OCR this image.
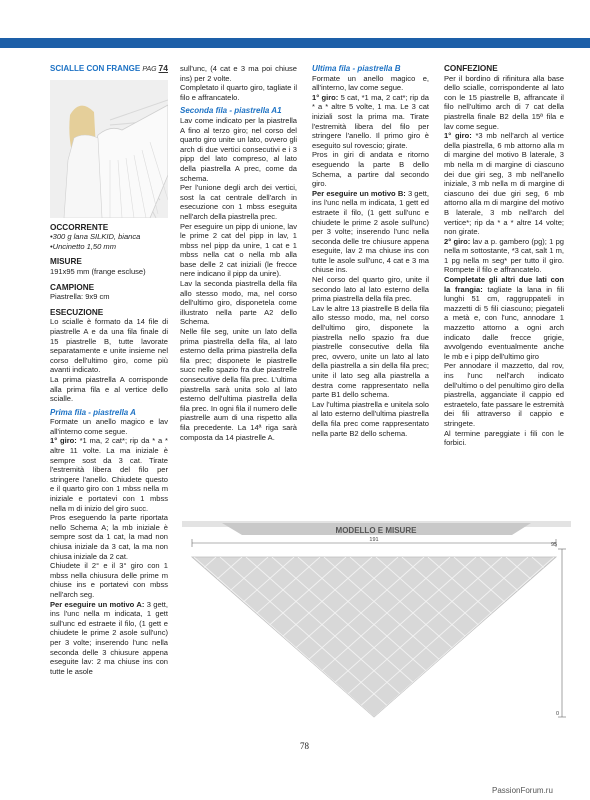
SCIALLE CON FRANGE PAG 74
OCCORRENTE
•300 g lana SILKID, bianca
•Uncinetto 1,50 mm
MISURE
191x95 mm (frange escluse)
CAMPIONE
Piastrella: 9x9 cm
ESECUZIONE

Lo scialle è formato da 14 file di piastrelle A e da una fila finale di 15 piastrelle B, tutte lavorate separatamente e unite insieme nel corso dell'ultimo giro, come più avanti indicato.

La prima piastrella A corrisponde alla prima fila e al vertice dello scialle.

Prima fila - piastrella A

Formate un anello magico e lav all'interno come segue.

1° giro: *1 ma, 2 cat*; rip da * a * altre 11 volte. La ma iniziale è sempre sost da 3 cat. Tirate l'estremità libera del filo per stringere l'anello. Chiudete questo e il quarto giro con 1 mbss nella m iniziale e portatevi con 1 mbss nella m di inizio del giro succ.

Pros eseguendo la parte riportata nello Schema A; la mb iniziale è sempre sost da 1 cat, la mad non chiusa iniziale da 3 cat, la ma non chiusa iniziale da 2 cat.

Chiudete il 2° e il 3° giro con 1 mbss nella chiusura delle prime m chiuse ins e portatevi con mbss nell'arch seg.

Per eseguire un motivo A: 3 gett, ins l'unc nella m indicata, 1 gett sull'unc ed estraete il filo, (1 gett e chiudete le prime 2 asole sull'unc) per 3 volte; inserendo l'unc nella seconda delle 3 chiusure appena eseguite lav: 2 ma chiuse ins con tutte le asole

sull'unc, (4 cat e 3 ma poi chiuse ins) per 2 volte.

Completato il quarto giro, tagliate il filo e affrancatelo.

Seconda fila - piastrella A1

Lav come indicato per la piastrella A fino al terzo giro; nel corso del quarto giro unite un lato, ovvero gli arch di due vertici consecutivi e i 3 pipp del lato compreso, al lato della piastrella A prec, come da schema.

Per l'unione degli arch dei vertici, sost la cat centrale dell'arch in esecuzione con 1 mbss eseguita nell'arch della piastrella prec.

Per eseguire un pipp di unione, lav le prime 2 cat del pipp in lav, 1 mbss nel pipp da unire, 1 cat e 1 mbss nella cat o nella mb alla base delle 2 cat iniziali (le frecce nere indicano il pipp da unire).

Lav la seconda piastrella della fila allo stesso modo, ma, nel corso dell'ultimo giro, disponetela come illustrato nella parte A2 dello Schema.

Nelle file seg, unite un lato della prima piastrella della fila, al lato esterno della prima piastrella della fila prec; disponete le piastrelle succ nello spazio fra due piastrelle consecutive della fila prec. L'ultima piastrella sarà unita solo al lato esterno dell'ultima piastrella della fila prec. In ogni fila il numero delle piastrelle aum di una rispetto alla fila precedente. La 14ª riga sarà composta da 14 piastrelle A.

Ultima fila - piastrella B

Formate un anello magico e, all'interno, lav come segue.

1° giro: 5 cat, *1 ma, 2 cat*; rip da * a * altre 5 volte, 1 ma. Le 3 cat iniziali sost la prima ma. Tirate l'estremità libera del filo per stringere l'anello. Il primo giro è eseguito sul rovescio; girate.

Pros in giri di andata e ritorno eseguendo la parte B dello Schema, a partire dal secondo giro.

Per eseguire un motivo B: 3 gett, ins l'unc nella m indicata, 1 gett ed estraete il filo, (1 gett sull'unc e chiudete le prime 2 asole sull'unc) per 3 volte; inserendo l'unc nella seconda delle tre chiusure appena eseguite, lav 2 ma chiuse ins con tutte le asole sull'unc, 4 cat e 3 ma chiuse ins.

Nel corso del quarto giro, unite il secondo lato al lato esterno della prima piastrella della fila prec.

Lav le altre 13 piastrelle B della fila allo stesso modo, ma, nel corso dell'ultimo giro, disponete la piastrella nello spazio fra due piastrelle consecutive della fila prec, ovvero, unite un lato al lato della piastrella a sin della fila prec; unite il lato seg alla piastrella a destra come rappresentato nella parte B1 dello schema.

Lav l'ultima piastrella e unitela solo al lato esterno dell'ultima piastrella della fila prec come rappresentato nella parte B2 dello schema.

CONFEZIONE

Per il bordino di rifinitura alla base dello scialle, corrispondente al lato con le 15 piastrelle B, affrancate il filo nell'ultimo arch di 7 cat della piastrella finale B2 della 15ª fila e lav come segue.

1° giro: *3 mb nell'arch al vertice della piastrella, 6 mb attorno alla m di margine del motivo B laterale, 3 mb nella m di margine di ciascuno dei due giri seg, 3 mb nell'anello iniziale, 3 mb nella m di margine di ciascuno dei due giri seg, 6 mb attorno alla m di margine del motivo B laterale, 3 mb nell'arch del vertice*; rip da * a * altre 14 volte; non girate.

2° giro: lav a p. gambero (pg); 1 pg nella m sottostante, *3 cat, salt 1 m, 1 pg nella m seg* per tutto il giro. Rompete il filo e affrancatelo.

Completate gli altri due lati con la frangia: tagliate la lana in fili lunghi 51 cm, raggruppateli in mazzetti di 5 fili ciascuno; piegateli a metà e, con l'unc, annodare 1 mazzetto attorno a ogni arch indicato dalle frecce grigie, avvolgendo eventualmente anche le mb e i pipp dell'ultimo giro

Per annodare il mazzetto, dal rov, ins l'unc nell'arch indicato dell'ultimo o del penultimo giro della piastrella, agganciate il cappio ed estraetelo, fate passare le estremità dei fili attraverso il cappio e stringete.

Al termine pareggiate i fili con le forbici.

MODELLO E MISURE
191
95
0
78
PassionForum.ru
